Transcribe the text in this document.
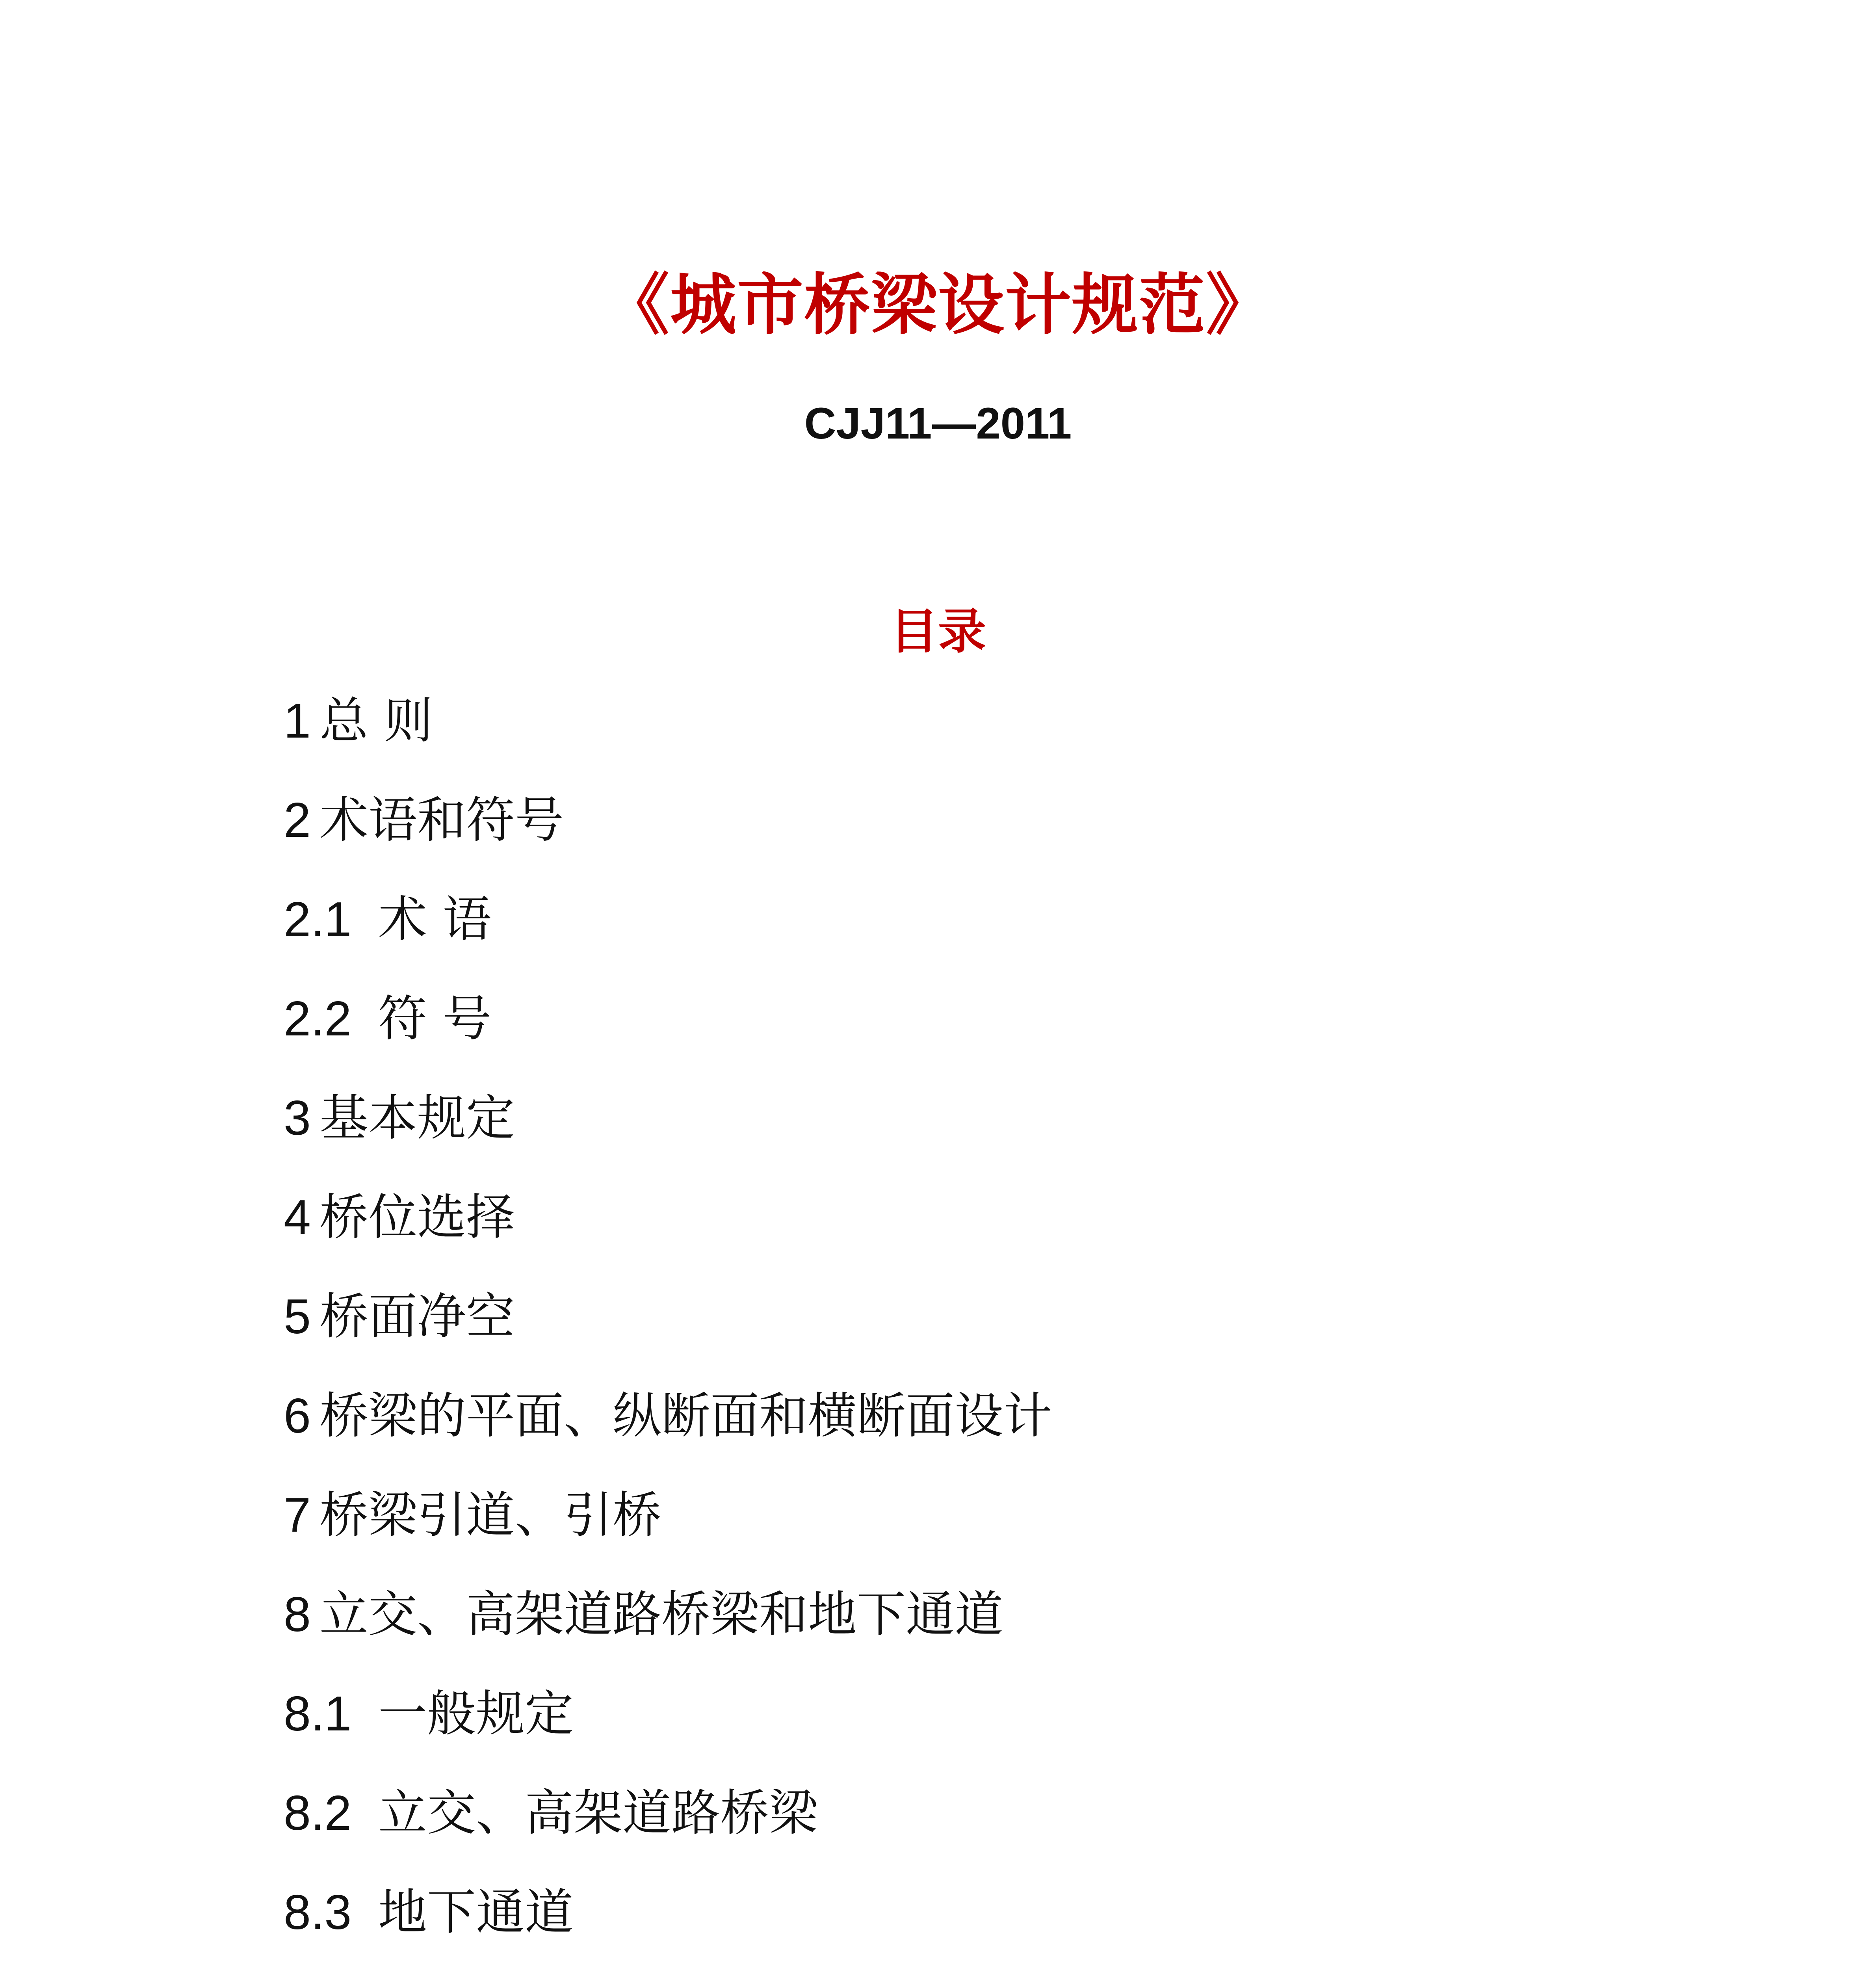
《城市桥梁设计规范》
CJJ11—2011
目录
1 总 则
2 术语和符号
2.1 术 语
2.2 符 号
3 基本规定
4 桥位选择
5 桥面净空
6 桥梁的平面、纵断面和横断面设计
7 桥梁引道、引桥
8 立交、高架道路桥梁和地下通道
8.1 一般规定
8.2 立交、高架道路桥梁
8.3 地下通道
